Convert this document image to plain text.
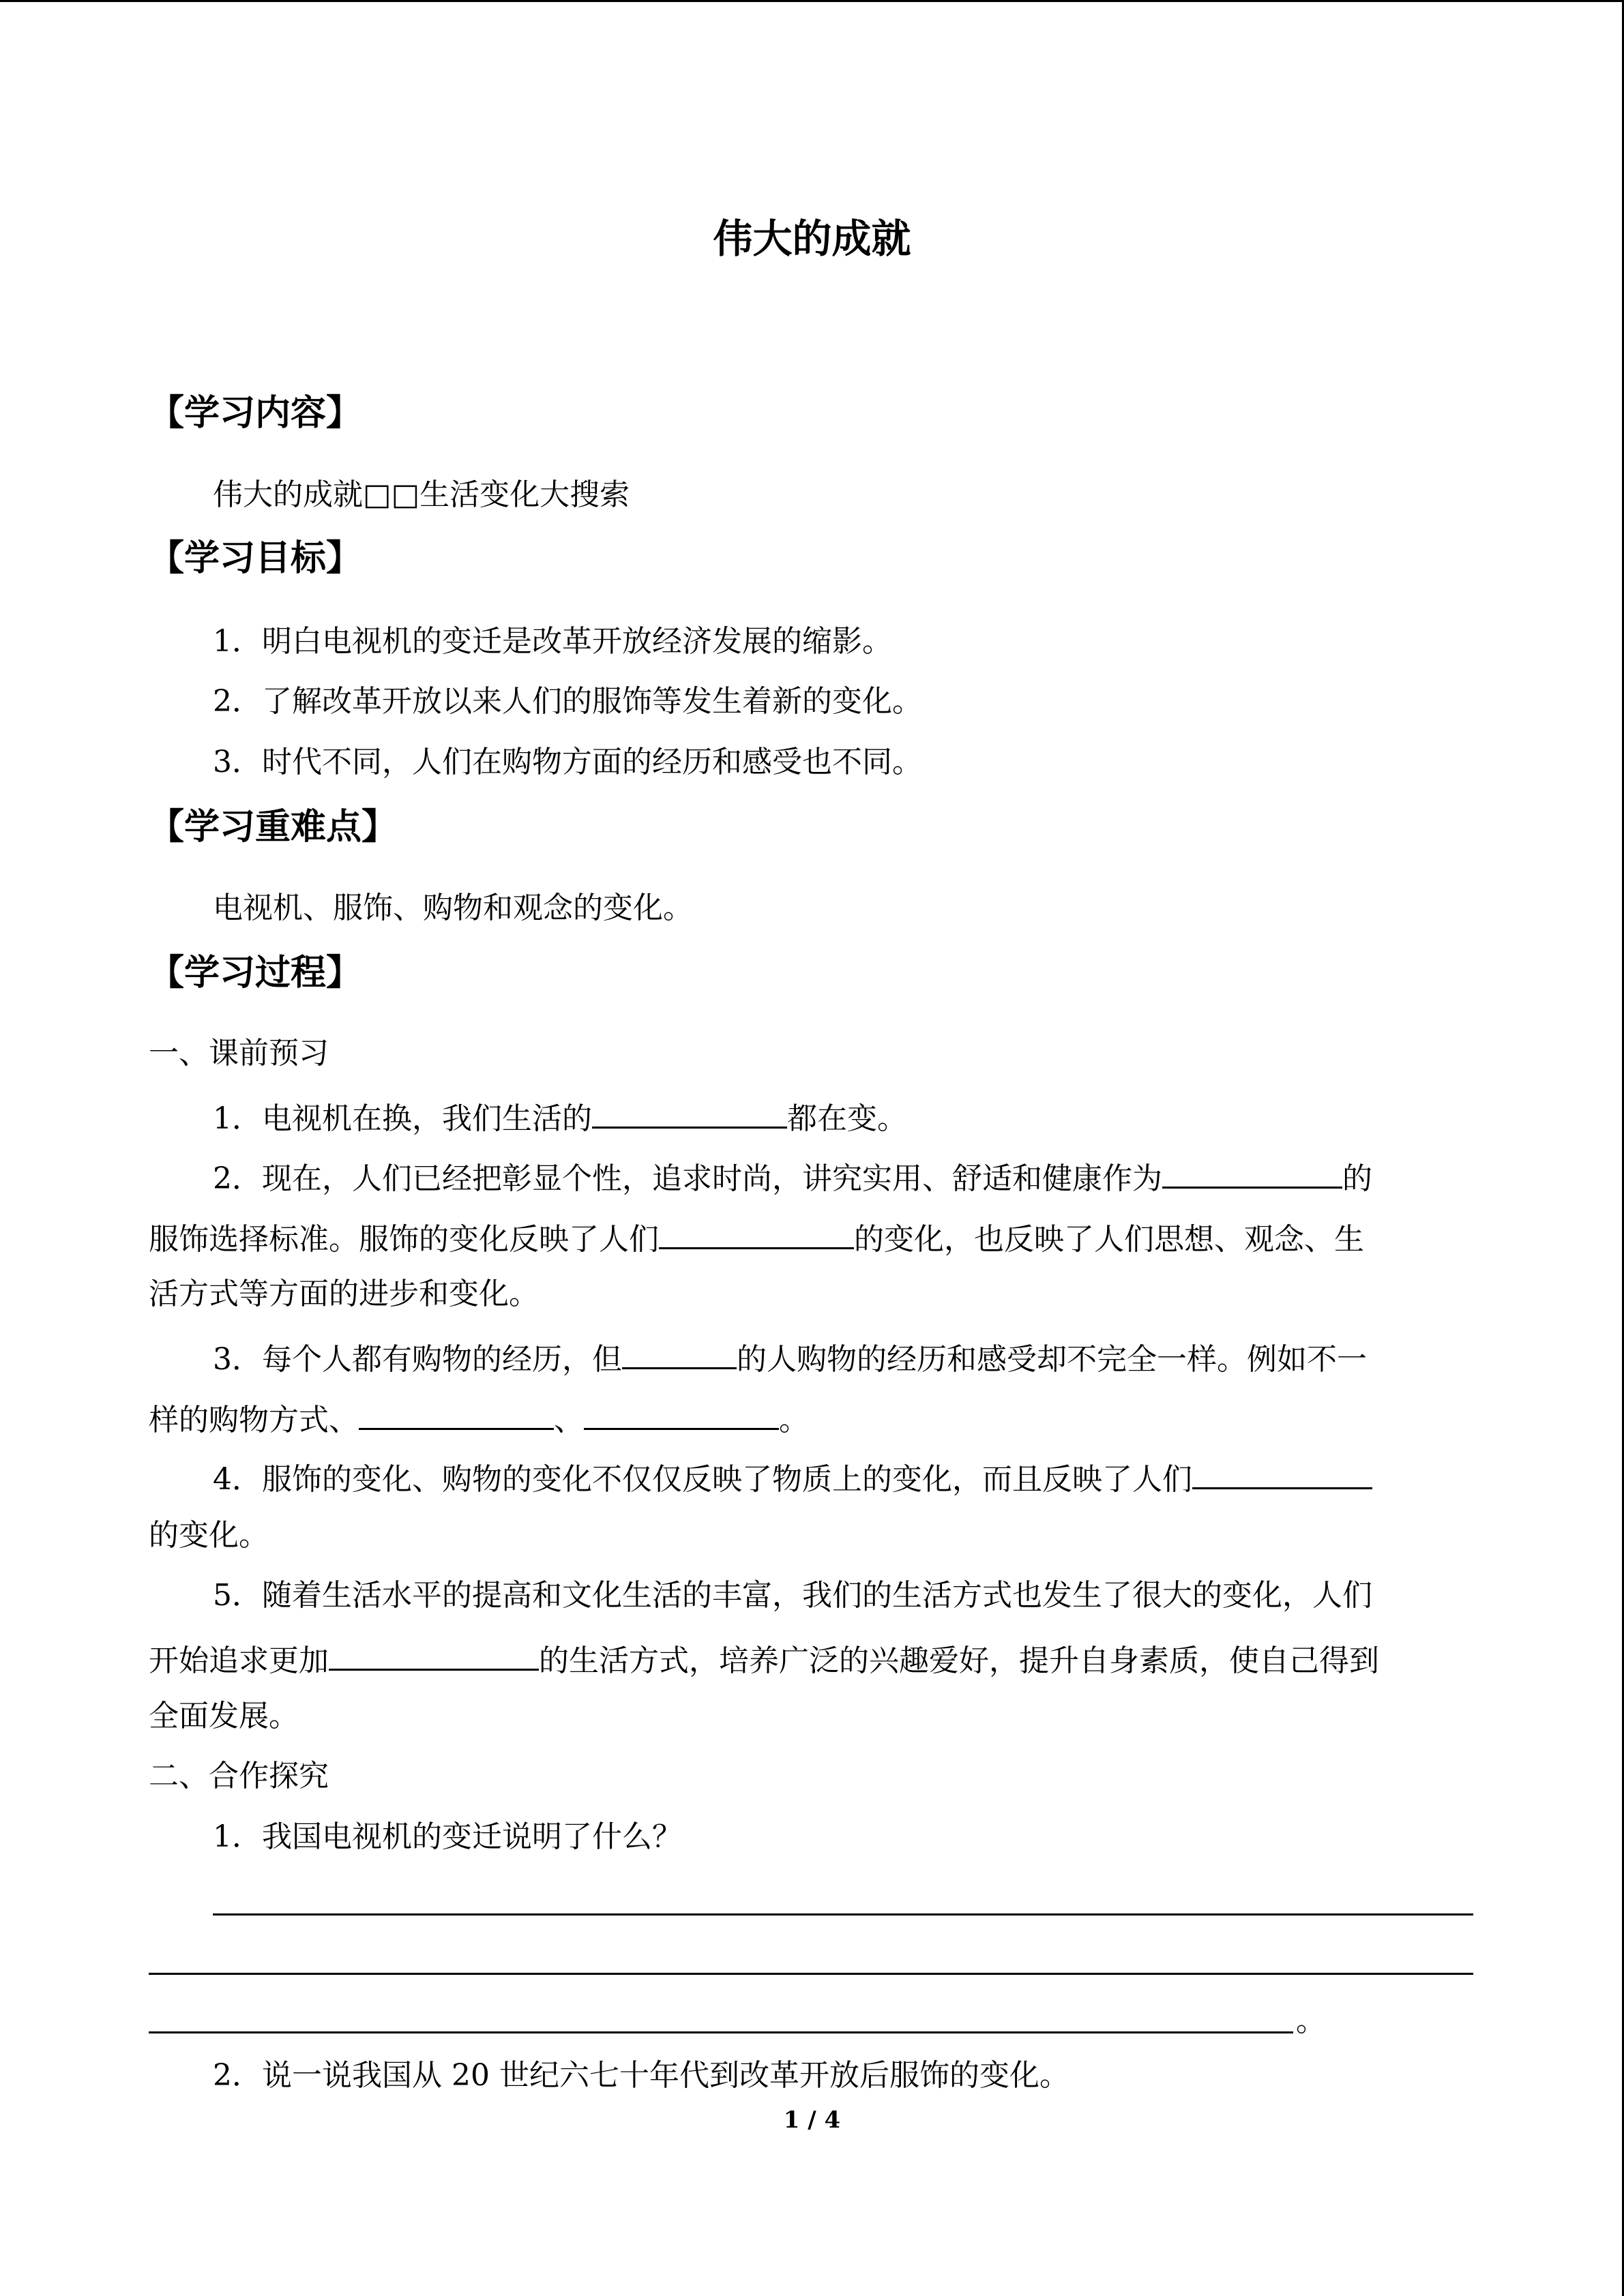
伟大的成就
【学习内容】
伟大的成就□□生活变化大搜索
【学习目标】
1．明白电视机的变迁是改革开放经济发展的缩影。
2．了解改革开放以来人们的服饰等发生着新的变化。
3．时代不同，人们在购物方面的经历和感受也不同。
【学习重难点】
电视机、服饰、购物和观念的变化。
【学习过程】
一、课前预习
1．电视机在换，我们生活的	都在变。
2．现在，人们已经把彰显个性，追求时尚，讲究实用、舒适和健康作为	的
服饰选择标准。服饰的变化反映了人们	的变化，也反映了人们思想、观念、生
活方式等方面的进步和变化。
3．每个人都有购物的经历，但	的人购物的经历和感受却不完全一样。例如不一
样的购物方式、	、	。
4．服饰的变化、购物的变化不仅仅反映了物质上的变化，而且反映了人们
的变化。
5．随着生活水平的提高和文化生活的丰富，我们的生活方式也发生了很大的变化，人们
开始追求更加	的生活方式，培养广泛的兴趣爱好，提升自身素质，使自己得到
全面发展。
二、合作探究
1．我国电视机的变迁说明了什么？
。
2．说一说我国从 20 世纪六七十年代到改革开放后服饰的变化。
1 / 4
